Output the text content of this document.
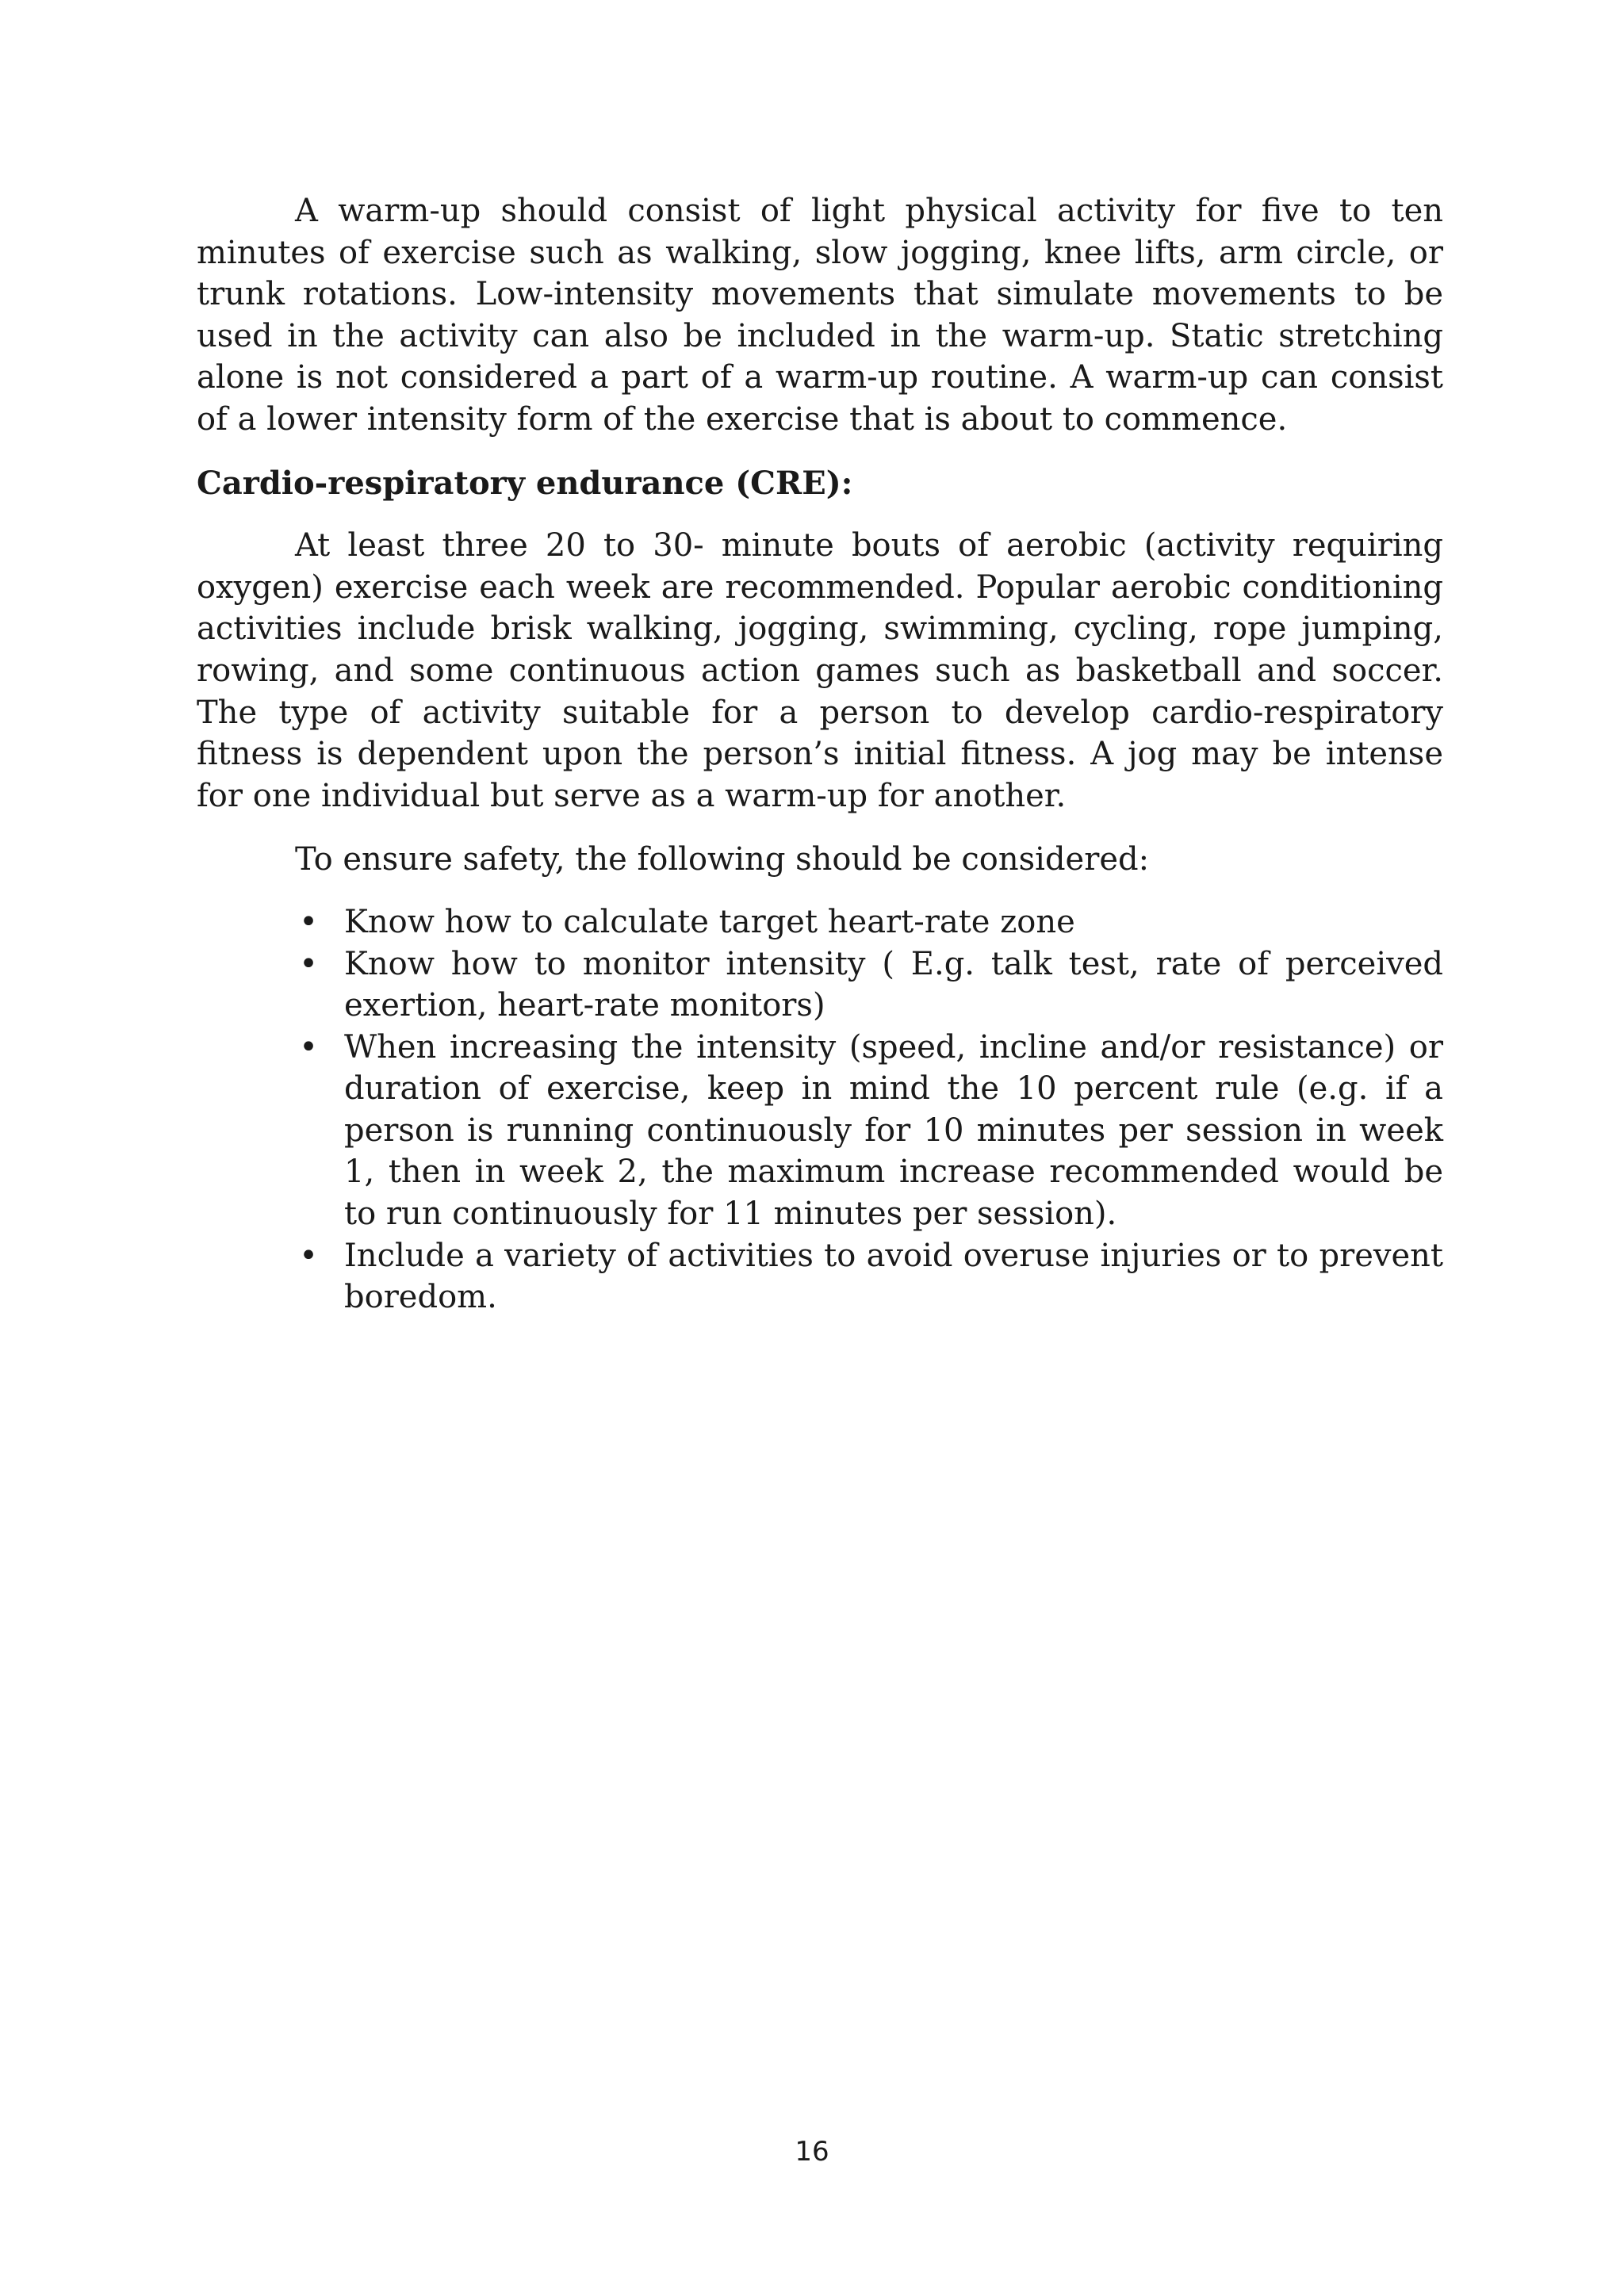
A warm-up should consist of light physical activity for five to ten minutes of exercise such as walking, slow jogging, knee lifts, arm circle, or trunk rotations. Low-intensity movements that simulate movements to be used in the activity can also be included in the warm-up. Static stretching alone is not considered a part of a warm-up routine. A warm-up can consist of a lower intensity form of the exercise that is about to commence.

Cardio-respiratory endurance (CRE):

At least three 20 to 30- minute bouts of aerobic (activity requiring oxygen) exercise each week are recommended. Popular aerobic conditioning activities include brisk walking, jogging, swimming, cycling, rope jumping, rowing, and some continuous action games such as basketball and soccer. The type of activity suitable for a person to develop cardio-respiratory fitness is dependent upon the person’s initial fitness. A jog may be intense for one individual but serve as a warm-up for another.

To ensure safety, the following should be considered:

• Know how to calculate target heart-rate zone
• Know how to monitor intensity ( E.g. talk test, rate of perceived exertion, heart-rate monitors)
• When increasing the intensity (speed, incline and/or resistance) or duration of exercise, keep in mind the 10 percent rule (e.g. if a person is running continuously for 10 minutes per session in week 1, then in week 2, the maximum increase recommended would be to run continuously for 11 minutes per session).
• Include a variety of activities to avoid overuse injuries or to prevent boredom.
16
